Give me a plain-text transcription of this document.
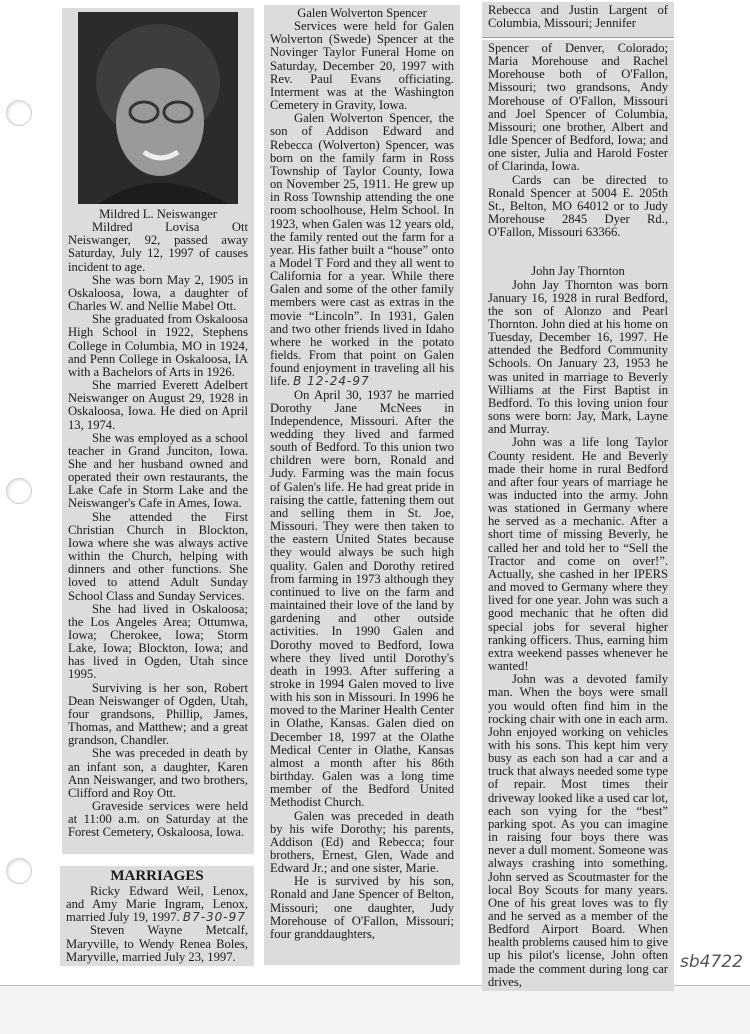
Mildred L. Neiswanger

Mildred Lovisa Ott Neiswanger, 92, passed away Saturday, July 12, 1997 of causes incident to age.

She was born May 2, 1905 in Oskaloosa, Iowa, a daughter of Charles W. and Nellie Mabel Ott.

She graduated from Oskaloosa High School in 1922, Stephens College in Columbia, MO in 1924, and Penn College in Oskaloosa, IA with a Bachelors of Arts in 1926.

She married Everett Adelbert Neiswanger on August 29, 1928 in Oskaloosa, Iowa. He died on April 13, 1974.

She was employed as a school teacher in Grand Junciton, Iowa. She and her husband owned and operated their own restaurants, the Lake Cafe in Storm Lake and the Neiswanger's Cafe in Ames, Iowa.

She attended the First Christian Church in Blockton, Iowa where she was always active within the Church, helping with dinners and other functions. She loved to attend Adult Sunday School Class and Sunday Services.

She had lived in Oskaloosa; the Los Angeles Area; Ottumwa, Iowa; Cherokee, Iowa; Storm Lake, Iowa; Blockton, Iowa; and has lived in Ogden, Utah since 1995.

Surviving is her son, Robert Dean Neiswanger of Ogden, Utah, four grandsons, Phillip, James, Thomas, and Matthew; and a great grandson, Chandler.

She was preceded in death by an infant son, a daughter, Karen Ann Neiswanger, and two brothers, Clifford and Roy Ott.

Graveside services were held at 11:00 a.m. on Saturday at the Forest Cemetery, Oskaloosa, Iowa.

MARRIAGES

Ricky Edward Weil, Lenox, and Amy Marie Ingram, Lenox, married July 19, 1997. B7-30-97

Steven Wayne Metcalf, Maryville, to Wendy Renea Boles, Maryville, married July 23, 1997.

Galen Wolverton Spencer

Services were held for Galen Wolverton (Swede) Spencer at the Novinger Taylor Funeral Home on Saturday, December 20, 1997 with Rev. Paul Evans officiating. Interment was at the Washington Cemetery in Gravity, Iowa.

Galen Wolverton Spencer, the son of Addison Edward and Rebecca (Wolverton) Spencer, was born on the family farm in Ross Township of Taylor County, Iowa on November 25, 1911. He grew up in Ross Township attending the one room schoolhouse, Helm School. In 1923, when Galen was 12 years old, the family rented out the farm for a year. His father built a “house” onto a Model T Ford and they all went to California for a year. While there Galen and some of the other family members were cast as extras in the movie “Lincoln”. In 1931, Galen and two other friends lived in Idaho where he worked in the potato fields. From that point on Galen found enjoyment in traveling all his life. B 12-24-97

On April 30, 1937 he married Dorothy Jane McNees in Independence, Missouri. After the wedding they lived and farmed south of Bedford. To this union two children were born, Ronald and Judy. Farming was the main focus of Galen's life. He had great pride in raising the cattle, fattening them out and selling them in St. Joe, Missouri. They were then taken to the eastern United States because they would always be such high quality. Galen and Dorothy retired from farming in 1973 although they continued to live on the farm and maintained their love of the land by gardening and other outside activities. In 1990 Galen and Dorothy moved to Bedford, Iowa where they lived until Dorothy's death in 1993. After suffering a stroke in 1994 Galen moved to live with his son in Missouri. In 1996 he moved to the Mariner Health Center in Olathe, Kansas. Galen died on December 18, 1997 at the Olathe Medical Center in Olathe, Kansas almost a month after his 86th birthday. Galen was a long time member of the Bedford United Methodist Church.

Galen was preceded in death by his wife Dorothy; his parents, Addison (Ed) and Rebecca; four brothers, Ernest, Glen, Wade and Edward Jr.; and one sister, Marie.

He is survived by his son, Ronald and Jane Spencer of Belton, Missouri; one daughter, Judy Morehouse of O'Fallon, Missouri; four granddaughters,

Rebecca and Justin Largent of Columbia, Missouri; Jennifer

Spencer of Denver, Colorado; Maria Morehouse and Rachel Morehouse both of O'Fallon, Missouri; two grandsons, Andy Morehouse of O'Fallon, Missouri and Joel Spencer of Columbia, Missouri; one brother, Albert and Idle Spencer of Bedford, Iowa; and one sister, Julia and Harold Foster of Clarinda, Iowa.

Cards can be directed to Ronald Spencer at 5004 E. 205th St., Belton, MO 64012 or to Judy Morehouse 2845 Dyer Rd., O'Fallon, Missouri 63366.

John Jay Thornton

John Jay Thornton was born January 16, 1928 in rural Bedford, the son of Alonzo and Pearl Thornton. John died at his home on Tuesday, December 16, 1997. He attended the Bedford Community Schools. On January 23, 1953 he was united in marriage to Beverly Williams at the First Baptist in Bedford. To this loving union four sons were born: Jay, Mark, Layne and Murray.

John was a life long Taylor County resident. He and Beverly made their home in rural Bedford and after four years of marriage he was inducted into the army. John was stationed in Germany where he served as a mechanic. After a short time of missing Beverly, he called her and told her to “Sell the Tractor and come on over!”. Actually, she cashed in her IPERS and moved to Germany where they lived for one year. John was such a good mechanic that he often did special jobs for several higher ranking officers. Thus, earning him extra weekend passes whenever he wanted!

John was a devoted family man. When the boys were small you would often find him in the rocking chair with one in each arm. John enjoyed working on vehicles with his sons. This kept him very busy as each son had a car and a truck that always needed some type of repair. Most times their driveway looked like a used car lot, each son vying for the “best” parking spot. As you can imagine in raising four boys there was never a dull moment. Someone was always crashing into something. John served as Scoutmaster for the local Boy Scouts for many years. One of his great loves was to fly and he served as a member of the Bedford Airport Board. When health problems caused him to give up his pilot's license, John often made the comment during long car drives,

sb4722
